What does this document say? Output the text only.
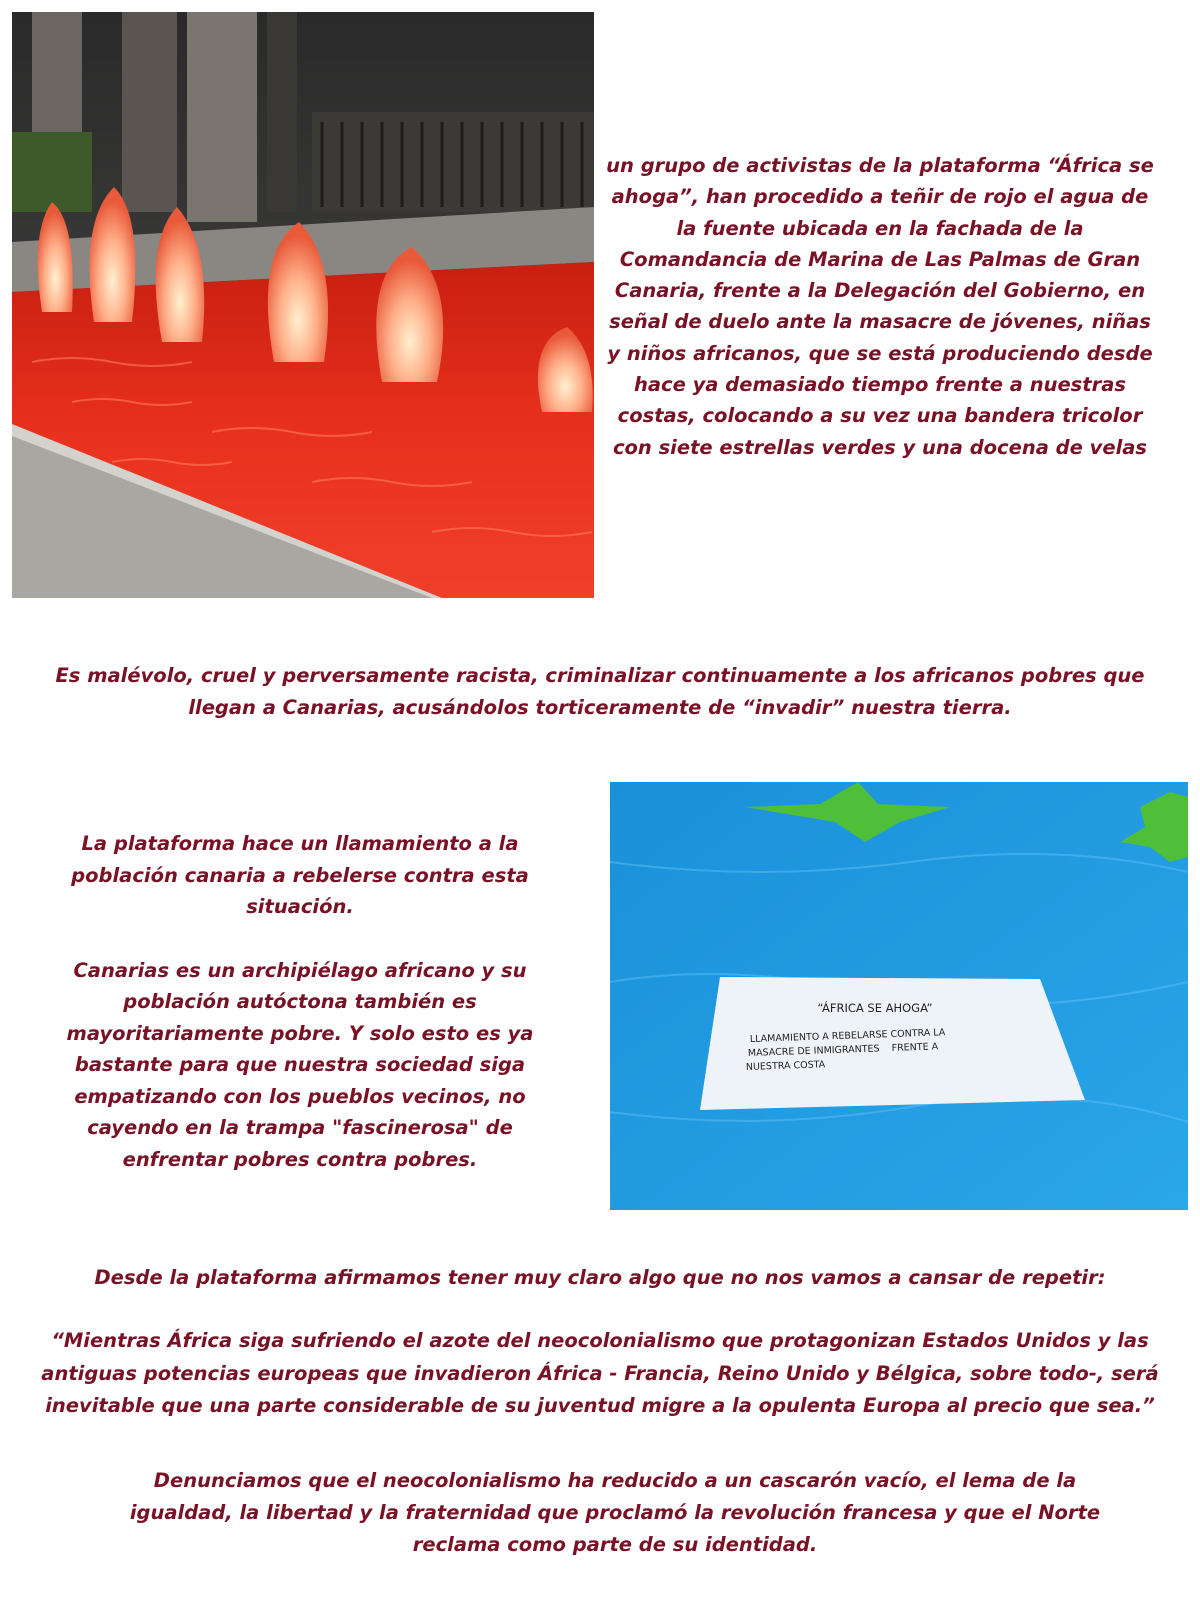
un grupo de activistas de la plataforma “África se ahoga”, han procedido a teñir de rojo el agua de la fuente ubicada en la fachada de la Comandancia de Marina de Las Palmas de Gran Canaria, frente a la Delegación del Gobierno, en señal de duelo ante la masacre de jóvenes, niñas y niños africanos, que se está produciendo desde hace ya demasiado tiempo frente a nuestras costas, colocando a su vez una bandera tricolor con siete estrellas verdes y una docena de velas
Es malévolo, cruel y perversamente racista, criminalizar continuamente a los africanos pobres que llegan a Canarias, acusándolos torticeramente de “invadir” nuestra tierra.
La plataforma hace un llamamiento a la población canaria a rebelerse contra esta situación.
Canarias es un archipiélago africano y su población autóctona también es mayoritariamente pobre. Y solo esto es ya bastante para que nuestra sociedad siga empatizando con los pueblos vecinos, no cayendo en la trampa "fascinerosa" de enfrentar pobres contra pobres.
“ÁFRICA SE AHOGA”
LLAMAMIENTO A REBELARSE CONTRA LA
MASACRE DE INMIGRANTES    FRENTE A
NUESTRA COSTA
Desde la plataforma afirmamos tener muy claro algo que no nos vamos a cansar de repetir:
“Mientras África siga sufriendo el azote del neocolonialismo que protagonizan Estados Unidos y las antiguas potencias europeas que invadieron África - Francia, Reino Unido y Bélgica, sobre todo-, será inevitable que una parte considerable de su juventud migre a la opulenta Europa al precio que sea.”
Denunciamos que el neocolonialismo ha reducido a un cascarón vacío, el lema de la igualdad, la libertad y la fraternidad que proclamó la revolución francesa y que el Norte reclama como parte de su identidad.
